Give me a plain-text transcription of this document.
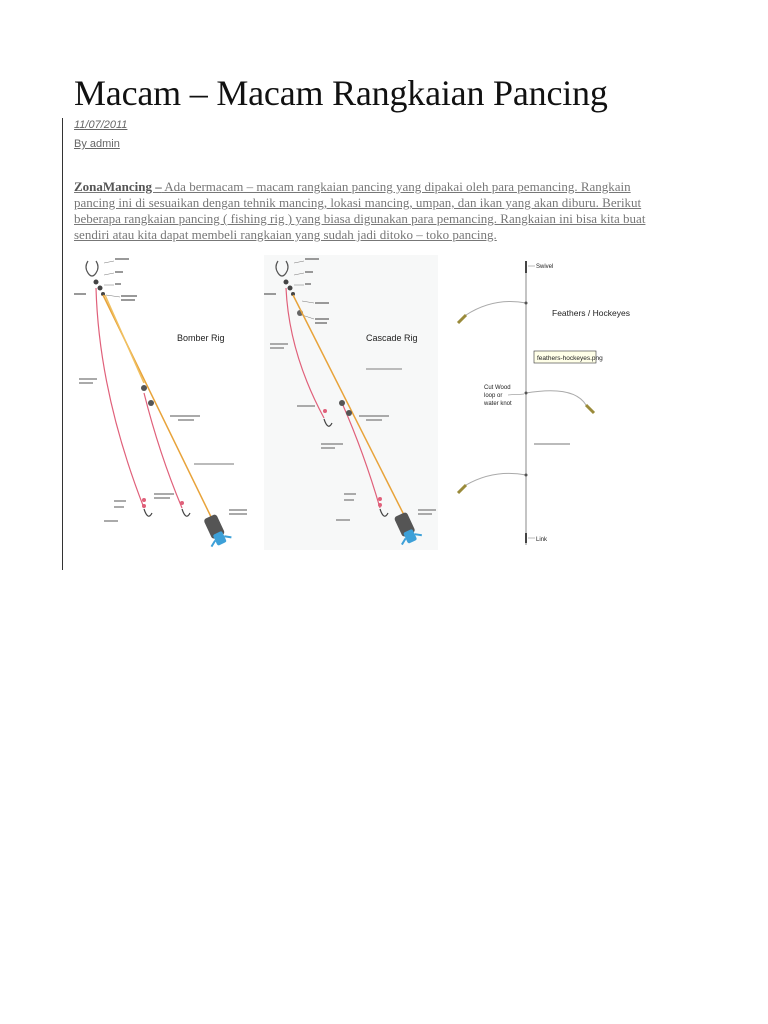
Macam – Macam Rangkaian Pancing
11/07/2011
By admin

ZonaMancing – Ada bermacam – macam rangkaian pancing yang dipakai oleh para pemancing. Rangkain pancing ini di sesuaikan dengan tehnik mancing, lokasi mancing, umpan, dan ikan yang akan diburu. Berikut beberapa rangkaian pancing ( fishing rig ) yang biasa digunakan para pemancing. Rangkaian ini bisa kita buat sendiri atau kita dapat membeli rangkaian yang sudah jadi ditoko – toko pancing.

Bomber Rig	Cascade Rig
Swivel
Link
Feathers / Hockeyes
feathers-hockeyes.png
Cut Wood
loop or
water knot
